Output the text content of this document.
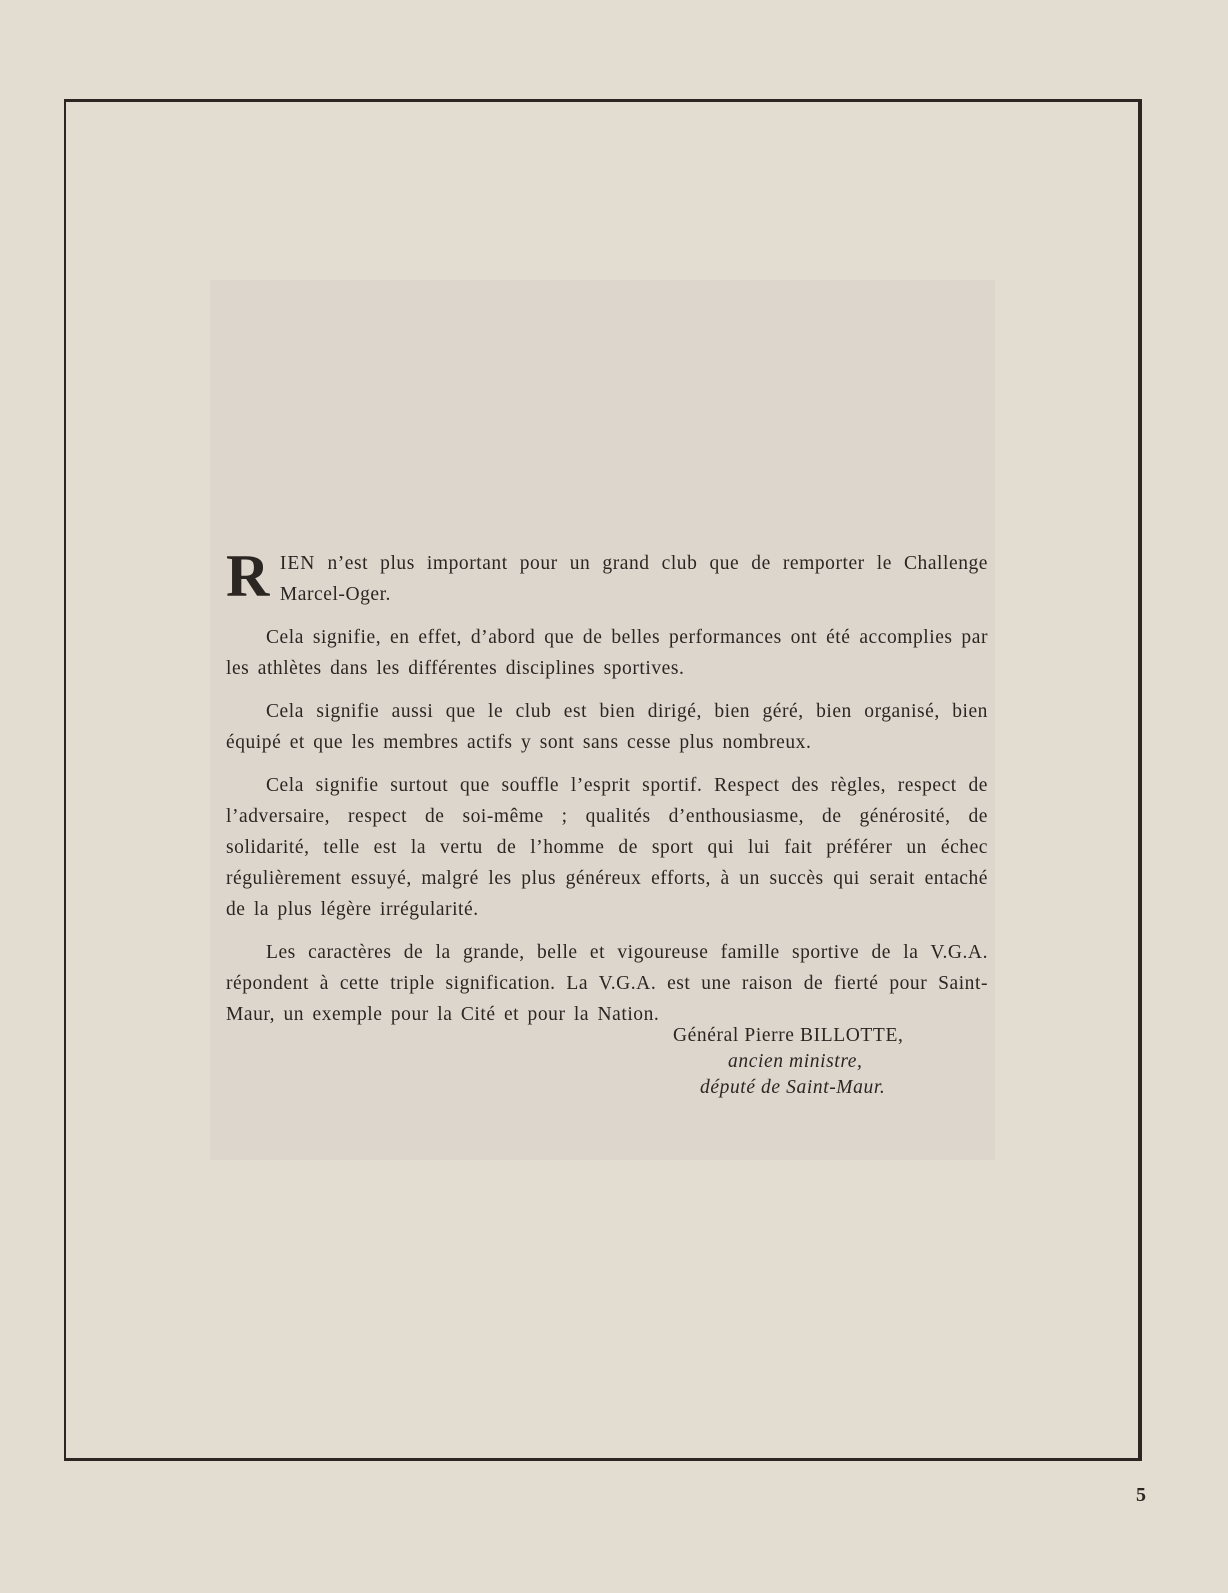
RIEN n’est plus important pour un grand club que de remporter le Challenge Marcel-Oger.

Cela signifie, en effet, d’abord que de belles performances ont été accomplies par les athlètes dans les différentes disciplines sportives.

Cela signifie aussi que le club est bien dirigé, bien géré, bien organisé, bien équipé et que les membres actifs y sont sans cesse plus nombreux.

Cela signifie surtout que souffle l’esprit sportif. Respect des règles, respect de l’adversaire, respect de soi-même ; qualités d’enthousiasme, de générosité, de solidarité, telle est la vertu de l’homme de sport qui lui fait préférer un échec régulièrement essuyé, malgré les plus généreux efforts, à un succès qui serait entaché de la plus légère irrégularité.

Les caractères de la grande, belle et vigoureuse famille sportive de la V.G.A. répondent à cette triple signification. La V.G.A. est une raison de fierté pour Saint-Maur, un exemple pour la Cité et pour la Nation.

Général Pierre BILLOTTE,
ancien ministre,
député de Saint-Maur.
5
